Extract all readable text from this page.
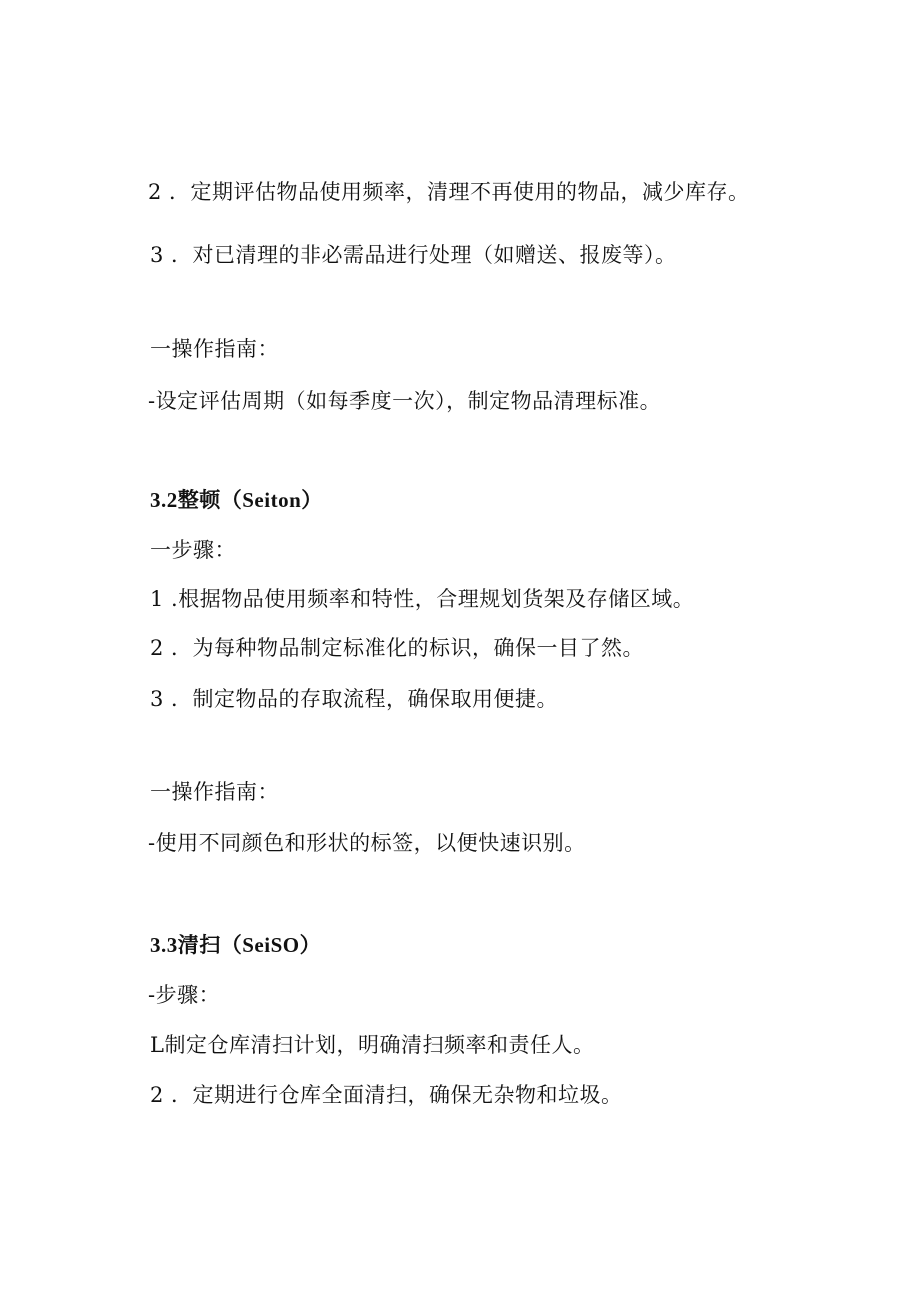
2 ．定期评估物品使用频率，清理不再使用的物品，减少库存。
3 ．对已清理的非必需品进行处理（如赠送、报废等）。
一操作指南：
-设定评估周期（如每季度一次），制定物品清理标准。
3.2整顿（Seiton）
一步骤：
1 .根据物品使用频率和特性，合理规划货架及存储区域。
2 ．为每种物品制定标准化的标识，确保一目了然。
3 ．制定物品的存取流程，确保取用便捷。
一操作指南：
-使用不同颜色和形状的标签，以便快速识别。
3.3清扫（SeiSO）
-步骤：
L制定仓库清扫计划，明确清扫频率和责任人。
2 ．定期进行仓库全面清扫，确保无杂物和垃圾。
